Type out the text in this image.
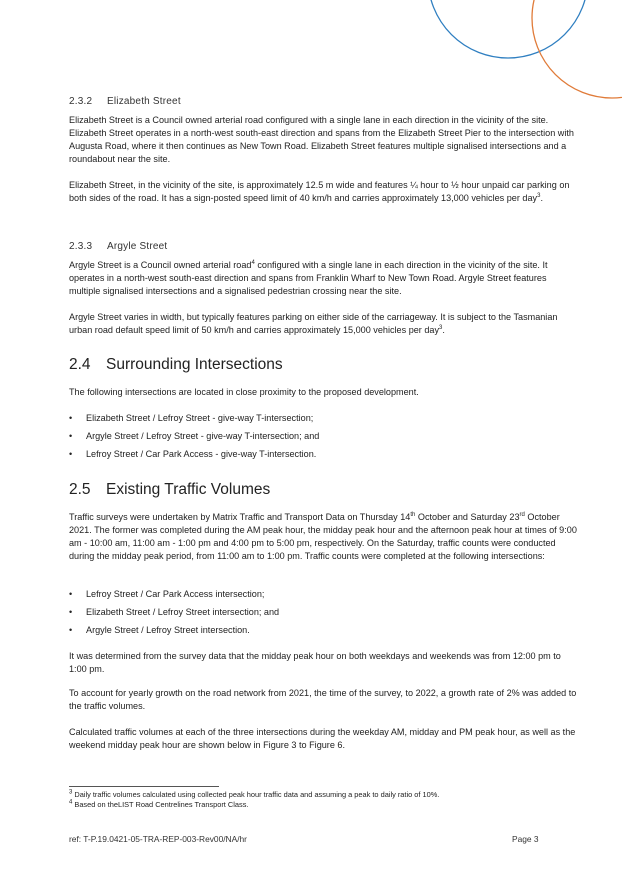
2.3.2 Elizabeth Street

Elizabeth Street is a Council owned arterial road configured with a single lane in each direction in the vicinity of the site. Elizabeth Street operates in a north-west south-east direction and spans from the Elizabeth Street Pier to the intersection with Augusta Road, where it then continues as New Town Road. Elizabeth Street features multiple signalised intersections and a roundabout near the site.

Elizabeth Street, in the vicinity of the site, is approximately 12.5 m wide and features ¼ hour to ½ hour unpaid car parking on both sides of the road. It has a sign-posted speed limit of 40 km/h and carries approximately 13,000 vehicles per day$^3$.

2.3.3 Argyle Street

Argyle Street is a Council owned arterial road$^4$ configured with a single lane in each direction in the vicinity of the site. It operates in a north-west south-east direction and spans from Franklin Wharf to New Town Road. Argyle Street features multiple signalised intersections and a signalised pedestrian crossing near the site.

Argyle Street varies in width, but typically features parking on either side of the carriageway. It is subject to the Tasmanian urban road default speed limit of 50 km/h and carries approximately 15,000 vehicles per day$^3$.

2.4 Surrounding Intersections

The following intersections are located in close proximity to the proposed development.

• Elizabeth Street / Lefroy Street - give-way T-intersection;
• Argyle Street / Lefroy Street - give-way T-intersection; and
• Lefroy Street / Car Park Access - give-way T-intersection.
2.5 Existing Traffic Volumes

Traffic surveys were undertaken by Matrix Traffic and Transport Data on Thursday 14th October and Saturday 23rd October 2021. The former was completed during the AM peak hour, the midday peak hour and the afternoon peak hour at times of 9:00 am - 10:00 am, 11:00 am - 1:00 pm and 4:00 pm to 5:00 pm, respectively. On the Saturday, traffic counts were conducted during the midday peak period, from 11:00 am to 1:00 pm. Traffic counts were completed at the following intersections:

• Lefroy Street / Car Park Access intersection;
• Elizabeth Street / Lefroy Street intersection; and
• Argyle Street / Lefroy Street intersection.

It was determined from the survey data that the midday peak hour on both weekdays and weekends was from 12:00 pm to 1:00 pm.

To account for yearly growth on the road network from 2021, the time of the survey, to 2022, a growth rate of 2% was added to the traffic volumes.

Calculated traffic volumes at each of the three intersections during the weekday AM, midday and PM peak hour, as well as the weekend midday peak hour are shown below in Figure 3 to Figure 6.

$^3$ Daily traffic volumes calculated using collected peak hour traffic data and assuming a peak to daily ratio of 10%.
$^4$ Based on theLIST Road Centrelines Transport Class.
ref: T-P.19.0421-05-TRA-REP-003-Rev00/NA/hr	Page 3
